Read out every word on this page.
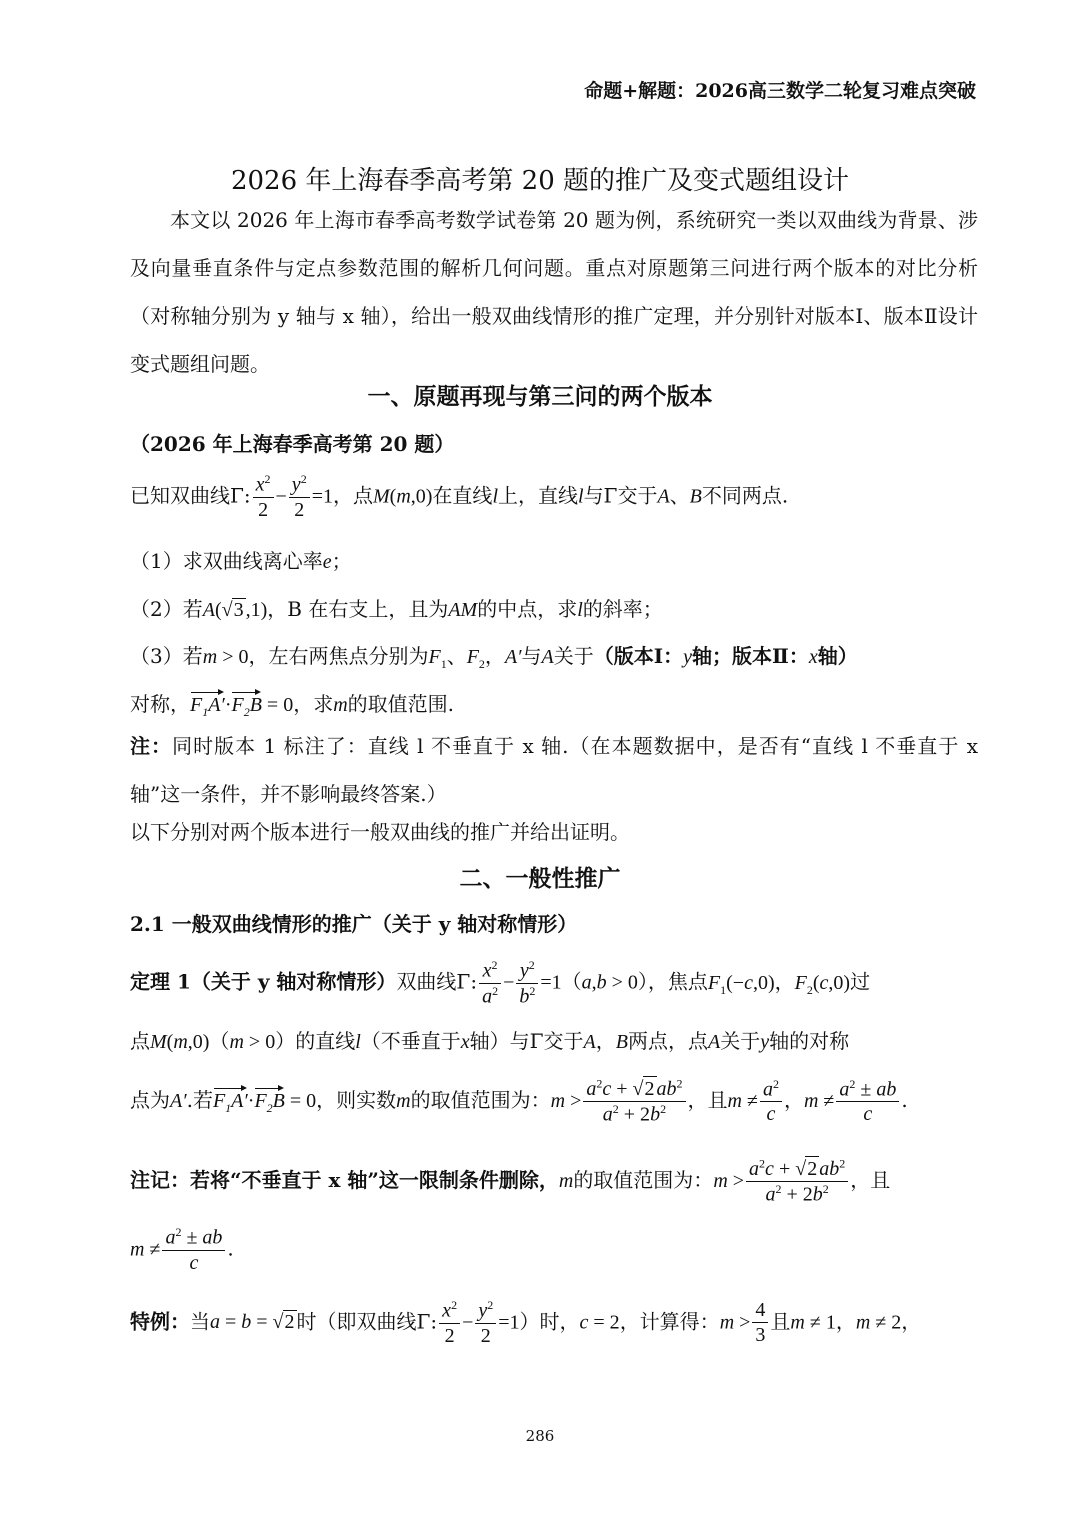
命题+解题：2026高三数学二轮复习难点突破
2026 年上海春季高考第 20 题的推广及变式题组设计
本文以 2026 年上海市春季高考数学试卷第 20 题为例，系统研究一类以双曲线为背景、涉及向量垂直条件与定点参数范围的解析几何问题。重点对原题第三问进行两个版本的对比分析（对称轴分别为 y 轴与 x 轴），给出一般双曲线情形的推广定理，并分别针对版本Ⅰ、版本Ⅱ设计变式题组问题。
一、原题再现与第三问的两个版本
（2026 年上海春季高考第 20 题）
已知双曲线Γ: $\frac{x^2}{2} - \frac{y^2}{2} =1$，点M(m,0)在直线l上，直线l与Γ交于A、B不同两点.
（1）求双曲线离心率e；
（2）若A(√3 ,1)，B 在右支上，且为AM的中点，求l的斜率；
（3）若m > 0，左右两焦点分别为$F_1$、$F_2$，A′与A关于（版本Ⅰ：y轴；版本Ⅱ：x轴）
对称，$F_1A'\cdot F_2B = 0$，求m的取值范围.
注：同时版本 1 标注了：直线 l 不垂直于 x 轴.（在本题数据中，是否有“直线 l 不垂直于 x 轴”这一条件，并不影响最终答案.）
以下分别对两个版本进行一般双曲线的推广并给出证明。
二、一般性推广
2.1 一般双曲线情形的推广（关于 y 轴对称情形）
定理 1（关于 y 轴对称情形）双曲线Γ: $\frac{x^2}{a^2} - \frac{y^2}{b^2} =1(a,b > 0)$，焦点$F_1(-c,0)$，$F_2(c,0)$过
点M(m,0)（m > 0）的直线l（不垂直于x轴）与Γ交于A，B两点，点A关于y轴的对称
点为A′.若$F_1A'\cdot F_2B = 0$，则实数m的取值范围为：$m > \frac{a^2c + √2 ab^2}{a^2 + 2b^2}$ ，且$m \ne \frac{a^2}{c}$ ，$m \ne \frac{a^2 \pm ab}{c}$ .
注记：若将“不垂直于 x 轴”这一限制条件删除，m的取值范围为：$m > \frac{a^2c + √2 ab^2}{a^2 + 2b^2}$ ，且
$m \ne \frac{a^2 \pm ab}{c}$ .
特例：当a = b = √2 时（即双曲线Γ: $\frac{x^2}{2} - \frac{y^2}{2} =1$）时，c = 2，计算得：$m > \frac{4}{3}$ 且m ≠ 1，m ≠ 2，
286
